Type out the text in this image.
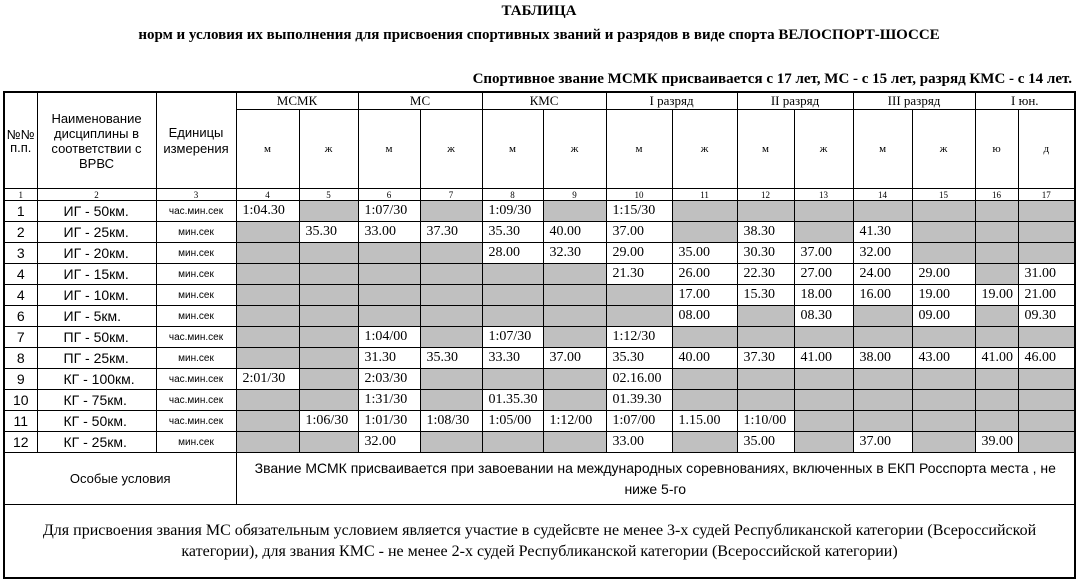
ТАБЛИЦА
норм и условия их выполнения для присвоения спортивных званий и разрядов в виде спорта ВЕЛОСПОРТ-ШОССЕ
Спортивное звание МСМК присваивается с 17 лет, МС - с 15 лет, разряд КМС - с 14 лет.
№№ п.п.	Наименование дисциплины в соответствии с ВРВС	Единицы измерения	МСМК		МС		КМС		I разряд		II разряд		III разряд		I юн.	
			м	ж	м	ж	м	ж	м	ж	м	ж	м	ж	ю	д
1	2	3	4	5	6	7	8	9	10	11	12	13	14	15	16	17
1	ИГ - 50км.	час.мин.сек	1:04.30		1:07/30		1:09/30		1:15/30							
2	ИГ - 25км.	мин.сек		35.30	33.00	37.30	35.30	40.00	37.00		38.30		41.30			
3	ИГ - 20км.	мин.сек					28.00	32.30	29.00	35.00	30.30	37.00	32.00			
4	ИГ - 15км.	мин.сек							21.30	26.00	22.30	27.00	24.00	29.00		31.00
4	ИГ - 10км.	мин.сек								17.00	15.30	18.00	16.00	19.00	19.00	21.00
6	ИГ - 5км.	мин.сек								08.00		08.30		09.00		09.30
7	ПГ - 50км.	час.мин.сек			1:04/00		1:07/30		1:12/30							
8	ПГ - 25км.	мин.сек			31.30	35.30	33.30	37.00	35.30	40.00	37.30	41.00	38.00	43.00	41.00	46.00
9	КГ - 100км.	час.мин.сек	2:01/30		2:03/30				02.16.00							
10	КГ - 75км.	час.мин.сек			1:31/30		01.35.30		01.39.30							
11	КГ - 50км.	час.мин.сек		1:06/30	1:01/30	1:08/30	1:05/00	1:12/00	1:07/00	1.15.00	1:10/00					
12	КГ - 25км.	мин.сек			32.00				33.00		35.00		37.00		39.00	
Особые условия			Звание МСМК присваивается при завоевании на международных соревнованиях, включенных в ЕКП Росспорта места , не ниже 5-го													
Для присвоения звания МС обязательным условием является участие в судейсвте не менее 3-х судей Республиканской категории (Всероссийской категории), для звания КМС - не менее 2-х судей Республиканской категории (Всероссийской категории)																
